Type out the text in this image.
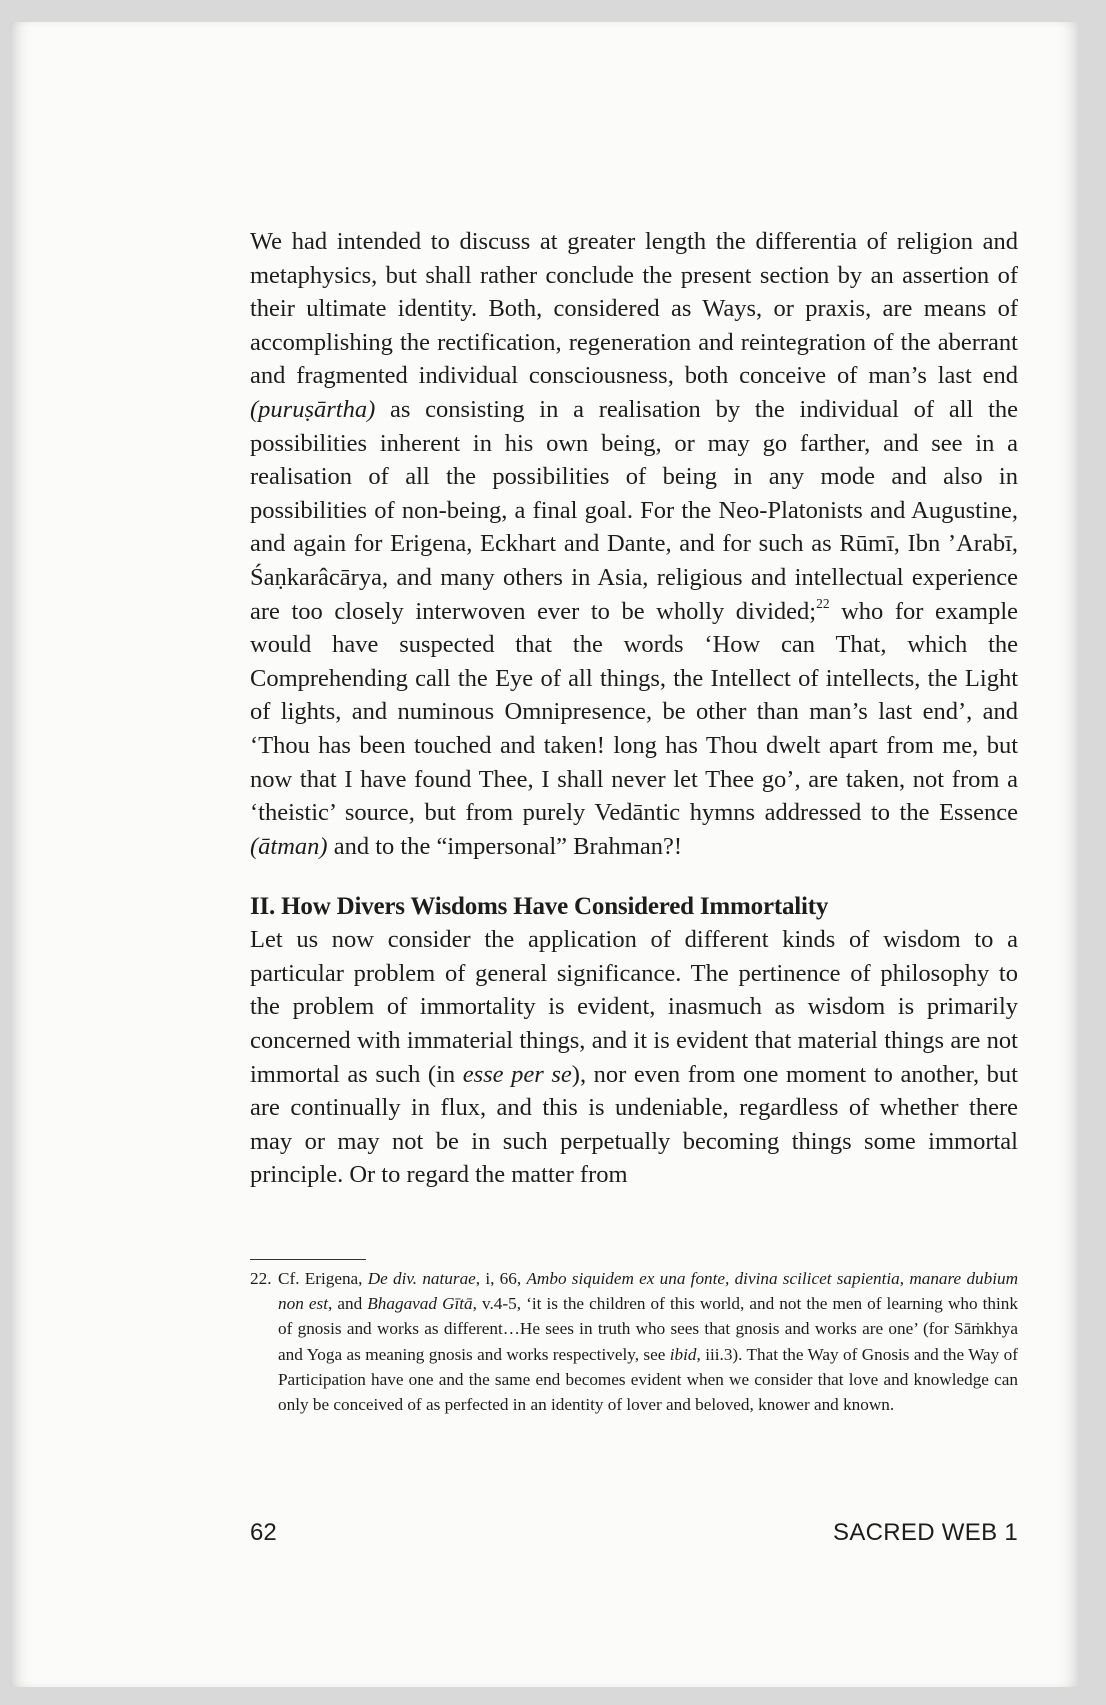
We had intended to discuss at greater length the differentia of religion and metaphysics, but shall rather conclude the present section by an assertion of their ultimate identity. Both, considered as Ways, or praxis, are means of accomplishing the rectification, regeneration and reintegration of the aberrant and fragmented individual consciousness, both conceive of man’s last end (puruṣārtha) as consisting in a realisation by the individual of all the possibilities inherent in his own being, or may go farther, and see in a realisation of all the possibilities of being in any mode and also in possibilities of non-being, a final goal. For the Neo-Platonists and Augustine, and again for Erigena, Eckhart and Dante, and for such as Rūmī, Ibn ’Arabī, Śaṇkarâcārya, and many others in Asia, religious and intellectual experience are too closely interwoven ever to be wholly divided;$^{22}$ who for example would have suspected that the words ‘How can That, which the Comprehending call the Eye of all things, the Intellect of intellects, the Light of lights, and numinous Omnipresence, be other than man’s last end’, and ‘Thou has been touched and taken! long has Thou dwelt apart from me, but now that I have found Thee, I shall never let Thee go’, are taken, not from a ‘theistic’ source, but from purely Vedāntic hymns addressed to the Essence (ātman) and to the “impersonal” Brahman?!

II. How Divers Wisdoms Have Considered Immortality

Let us now consider the application of different kinds of wisdom to a particular problem of general significance. The pertinence of philosophy to the problem of immortality is evident, inasmuch as wisdom is primarily concerned with immaterial things, and it is evident that material things are not immortal as such (in esse per se), nor even from one moment to another, but are continually in flux, and this is undeniable, regardless of whether there may or may not be in such perpetually becoming things some immortal principle. Or to regard the matter from

22. Cf. Erigena, De div. naturae, i, 66, Ambo siquidem ex una fonte, divina scilicet sapientia, manare dubium non est, and Bhagavad Gītā, v.4-5, ‘it is the children of this world, and not the men of learning who think of gnosis and works as different…He sees in truth who sees that gnosis and works are one’ (for Sāṁkhya and Yoga as meaning gnosis and works respectively, see ibid, iii.3). That the Way of Gnosis and the Way of Participation have one and the same end becomes evident when we consider that love and knowledge can only be conceived of as perfected in an identity of lover and beloved, knower and known.
62	SACRED WEB 1
